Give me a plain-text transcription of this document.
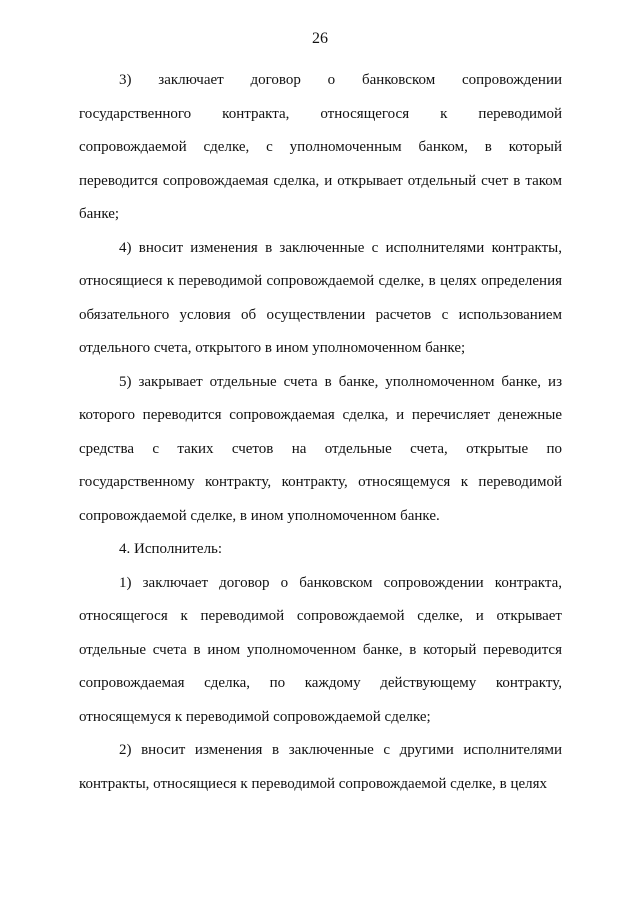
26

3) заключает договор о банковском сопровождении государственного контракта, относящегося к переводимой сопровождаемой сделке, с уполномоченным банком, в который переводится сопровождаемая сделка, и открывает отдельный счет в таком банке;

4) вносит изменения в заключенные с исполнителями контракты, относящиеся к переводимой сопровождаемой сделке, в целях определения обязательного условия об осуществлении расчетов с использованием отдельного счета, открытого в ином уполномоченном банке;

5) закрывает отдельные счета в банке, уполномоченном банке, из которого переводится сопровождаемая сделка, и перечисляет денежные средства с таких счетов на отдельные счета, открытые по государственному контракту, контракту, относящемуся к переводимой сопровождаемой сделке, в ином уполномоченном банке.

4. Исполнитель:

1) заключает договор о банковском сопровождении контракта, относящегося к переводимой сопровождаемой сделке, и открывает отдельные счета в ином уполномоченном банке, в который переводится сопровождаемая сделка, по каждому действующему контракту, относящемуся к переводимой сопровождаемой сделке;

2) вносит изменения в заключенные с другими исполнителями контракты, относящиеся к переводимой сопровождаемой сделке, в целях
